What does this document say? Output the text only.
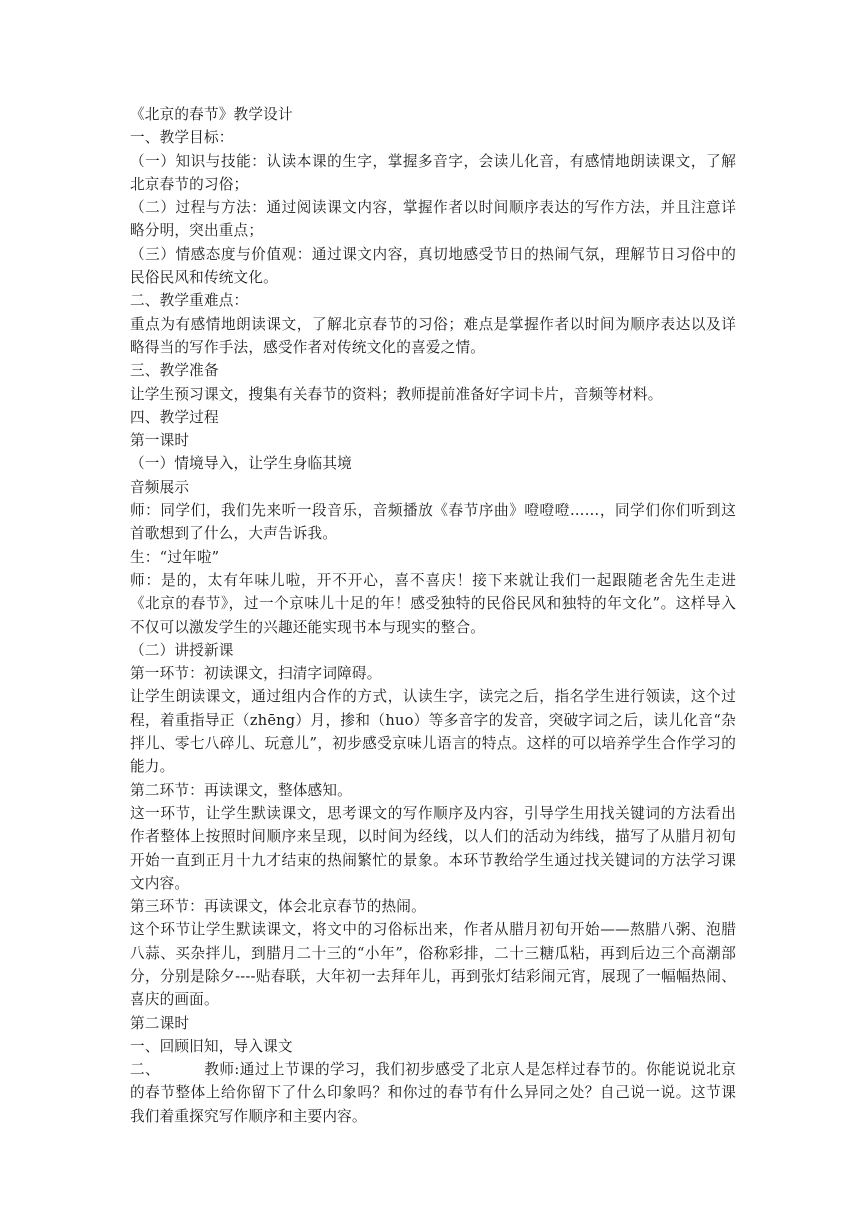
《北京的春节》教学设计

一、教学目标：

（一）知识与技能：认读本课的生字，掌握多音字，会读儿化音，有感情地朗读课文，了解北京春节的习俗；

（二）过程与方法：通过阅读课文内容，掌握作者以时间顺序表达的写作方法，并且注意详略分明，突出重点；

（三）情感态度与价值观：通过课文内容，真切地感受节日的热闹气氛，理解节日习俗中的民俗民风和传统文化。

二、教学重难点：

重点为有感情地朗读课文，了解北京春节的习俗；难点是掌握作者以时间为顺序表达以及详略得当的写作手法，感受作者对传统文化的喜爱之情。

三、教学准备

让学生预习课文，搜集有关春节的资料；教师提前准备好字词卡片，音频等材料。

四、教学过程

第一课时

（一）情境导入，让学生身临其境

音频展示

师：同学们，我们先来听一段音乐，音频播放《春节序曲》噔噔噔……，同学们你们听到这首歌想到了什么，大声告诉我。

生：“过年啦”

师：是的，太有年味儿啦，开不开心，喜不喜庆！接下来就让我们一起跟随老舍先生走进《北京的春节》，过一个京味儿十足的年！感受独特的民俗民风和独特的年文化”。这样导入不仅可以激发学生的兴趣还能实现书本与现实的整合。

（二）讲授新课

第一环节：初读课文，扫清字词障碍。

让学生朗读课文，通过组内合作的方式，认读生字，读完之后，指名学生进行领读，这个过程，着重指导正（zhēng）月，掺和（huo）等多音字的发音，突破字词之后，读儿化音“杂拌儿、零七八碎儿、玩意儿”，初步感受京味儿语言的特点。这样的可以培养学生合作学习的能力。

第二环节：再读课文，整体感知。

这一环节，让学生默读课文，思考课文的写作顺序及内容，引导学生用找关键词的方法看出作者整体上按照时间顺序来呈现，以时间为经线，以人们的活动为纬线，描写了从腊月初旬开始一直到正月十九才结束的热闹繁忙的景象。本环节教给学生通过找关键词的方法学习课文内容。

第三环节：再读课文，体会北京春节的热闹。

这个环节让学生默读课文，将文中的习俗标出来，作者从腊月初旬开始——熬腊八粥、泡腊八蒜、买杂拌儿，到腊月二十三的“小年”，俗称彩排，二十三糖瓜粘，再到后边三个高潮部分，分别是除夕----贴春联，大年初一去拜年儿，再到张灯结彩闹元宵，展现了一幅幅热闹、喜庆的画面。

第二课时

一、回顾旧知，导入课文

二、	教师:通过上节课的学习，我们初步感受了北京人是怎样过春节的。你能说说北京的春节整体上给你留下了什么印象吗？和你过的春节有什么异同之处？自己说一说。这节课我们着重探究写作顺序和主要内容。
